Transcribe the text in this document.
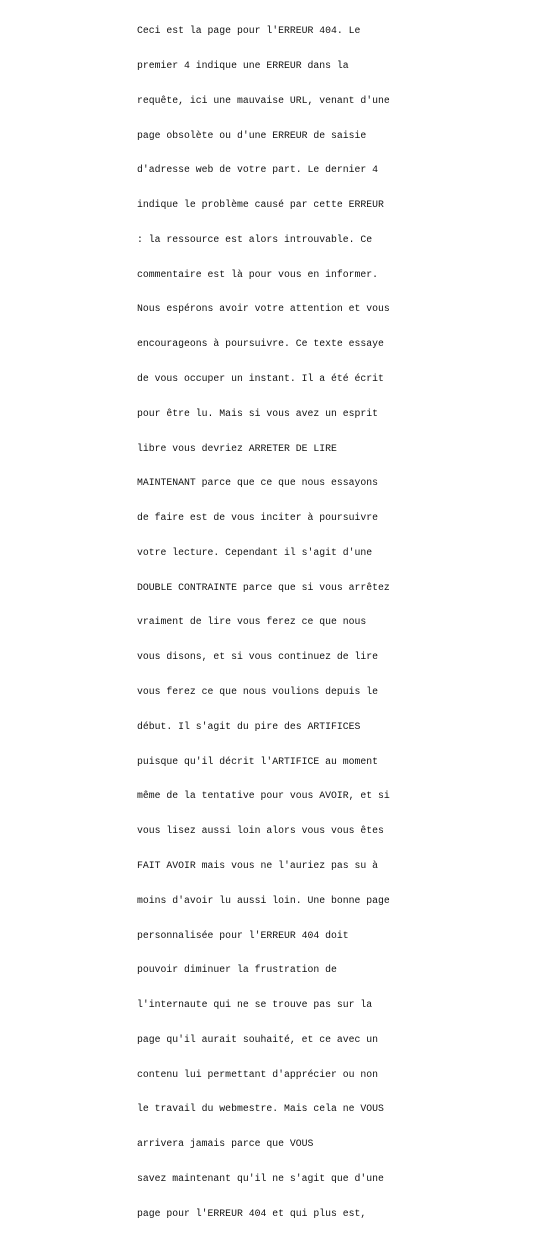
Ceci est la page pour l'ERREUR 404. Le

premier 4 indique une ERREUR dans la

requête, ici une mauvaise URL, venant d'une

page obsolète ou d'une ERREUR de saisie

d'adresse web de votre part. Le dernier 4

indique le problème causé par cette ERREUR

: la ressource est alors introuvable. Ce

commentaire est là pour vous en informer.

Nous espérons avoir votre attention et vous

encourageons à poursuivre. Ce texte essaye

de vous occuper un instant. Il a été écrit

pour être lu. Mais si vous avez un esprit

libre vous devriez ARRETER DE LIRE

MAINTENANT parce que ce que nous essayons

de faire est de vous inciter à poursuivre

votre lecture. Cependant il s'agit d'une

DOUBLE CONTRAINTE parce que si vous arrêtez

vraiment de lire vous ferez ce que nous

vous disons, et si vous continuez de lire

vous ferez ce que nous voulions depuis le

début. Il s'agit du pire des ARTIFICES

puisque qu'il décrit l'ARTIFICE au moment

même de la tentative pour vous AVOIR, et si

vous lisez aussi loin alors vous vous êtes

FAIT AVOIR mais vous ne l'auriez pas su à

moins d'avoir lu aussi loin. Une bonne page

personnalisée pour l'ERREUR 404 doit

pouvoir diminuer la frustration de

l'internaute qui ne se trouve pas sur la

page qu'il aurait souhaité, et ce avec un

contenu lui permettant d'apprécier ou non

le travail du webmestre. Mais cela ne VOUS

arrivera jamais parce que VOUS

savez maintenant qu'il ne s'agit que d'une

page pour l'ERREUR 404 et qui plus est,
